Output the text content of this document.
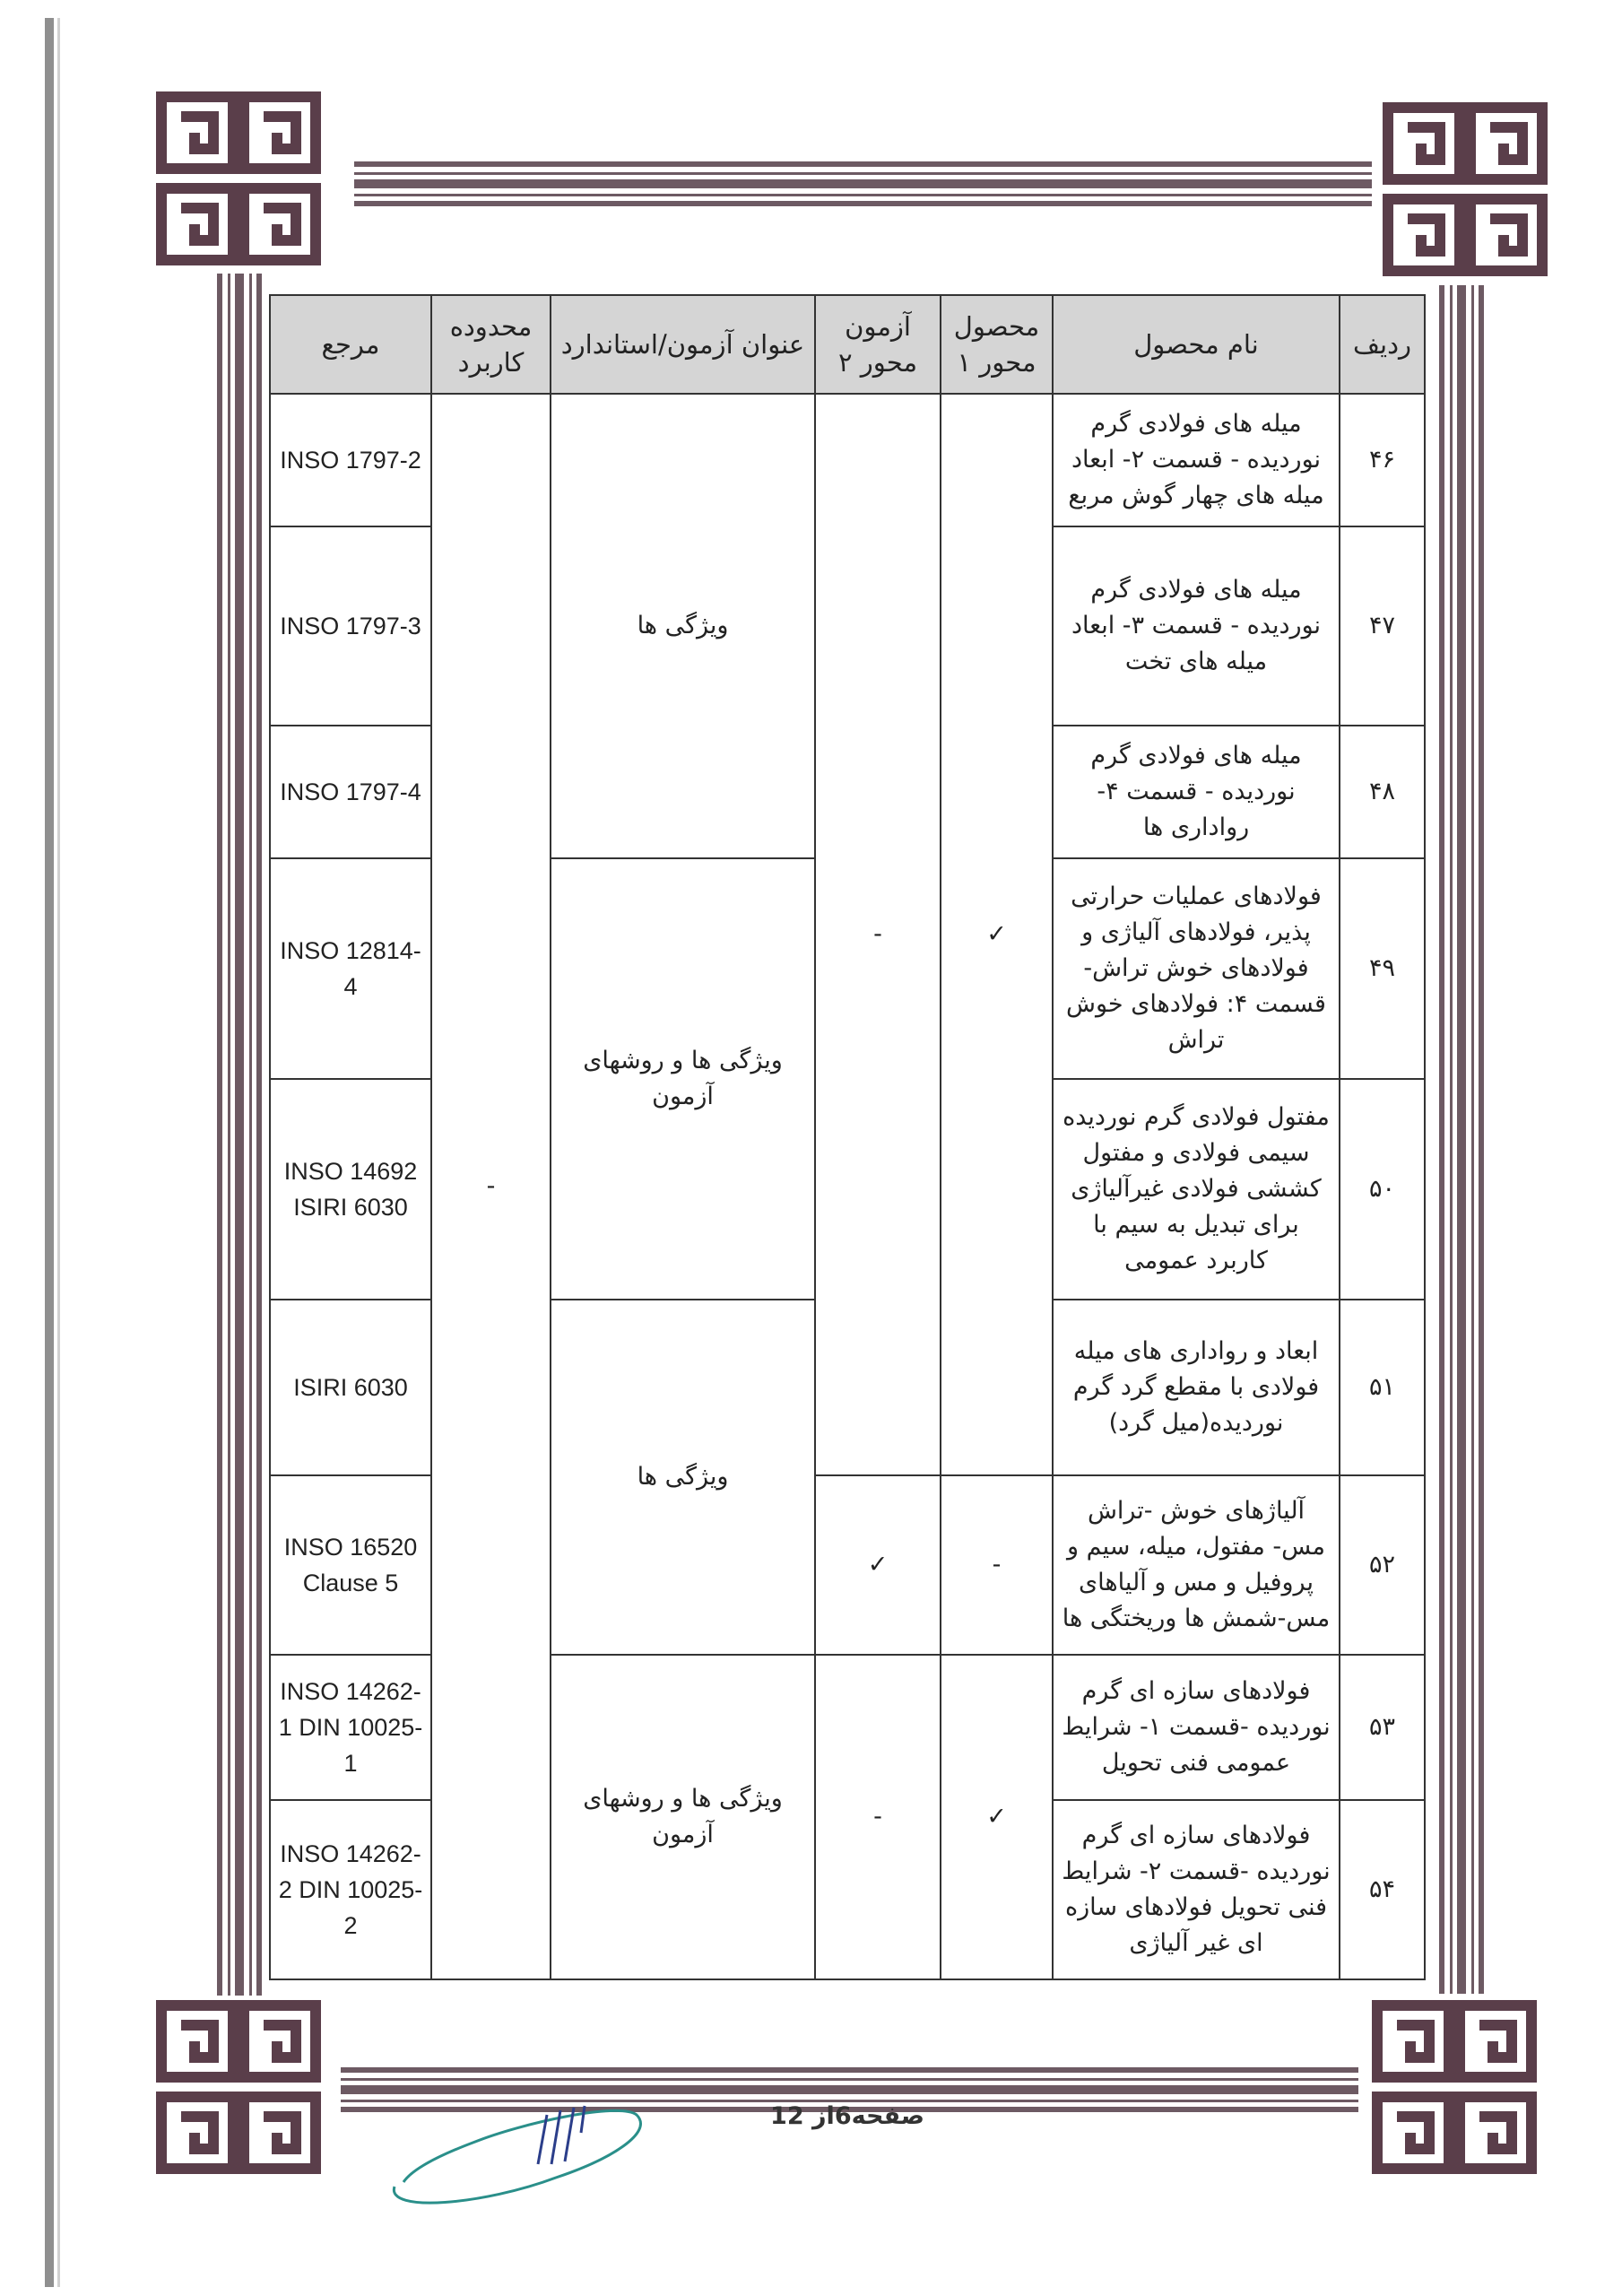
ردیف	نام محصول	محصول محور ۱	آزمون محور ۲	عنوان آزمون/استاندارد	محدوده کاربرد	مرجع
۴۶	میله های فولادی گرم نوردیده - قسمت ۲- ابعاد میله های چهار گوش مربع	✓	-	ویژگی ها	-	INSO 1797-2
۴۷	میله های فولادی گرم نوردیده - قسمت ۳- ابعاد میله های تخت					INSO 1797-3
۴۸	میله های فولادی گرم نوردیده - قسمت ۴- رواداری ها					INSO 1797-4
۴۹	فولادهای عملیات حرارتی پذیر، فولادهای آلیاژی و فولادهای خوش تراش- قسمت ۴: فولادهای خوش تراش			ویژگی ها و روشهای آزمون		INSO 12814-4
۵۰	مفتول فولادی گرم نوردیده سیمی فولادی و مفتول کششی فولادی غیرآلیاژی برای تبدیل به سیم با کاربرد عمومی					INSO 14692 ISIRI 6030
۵۱	ابعاد و رواداری های میله فولادی با مقطع گرد گرم نوردیده(میل گرد)			ویژگی ها		ISIRI 6030
۵۲	آلیاژهای خوش -تراش مس- مفتول، میله، سیم و پروفیل و مس و آلیاهای مس-شمش ها وریختگی ها	-	✓			INSO 16520 Clause 5
۵۳	فولادهای سازه ای گرم نوردیده -قسمت ۱- شرایط عمومی فنی تحویل	✓	-	ویژگی ها و روشهای آزمون		INSO 14262-1 DIN 10025-1
۵۴	فولادهای سازه ای گرم نوردیده -قسمت ۲- شرایط فنی تحویل فولادهای سازه ای غیر آلیاژی					INSO 14262-2 DIN 10025-2
صفحه6از 12
